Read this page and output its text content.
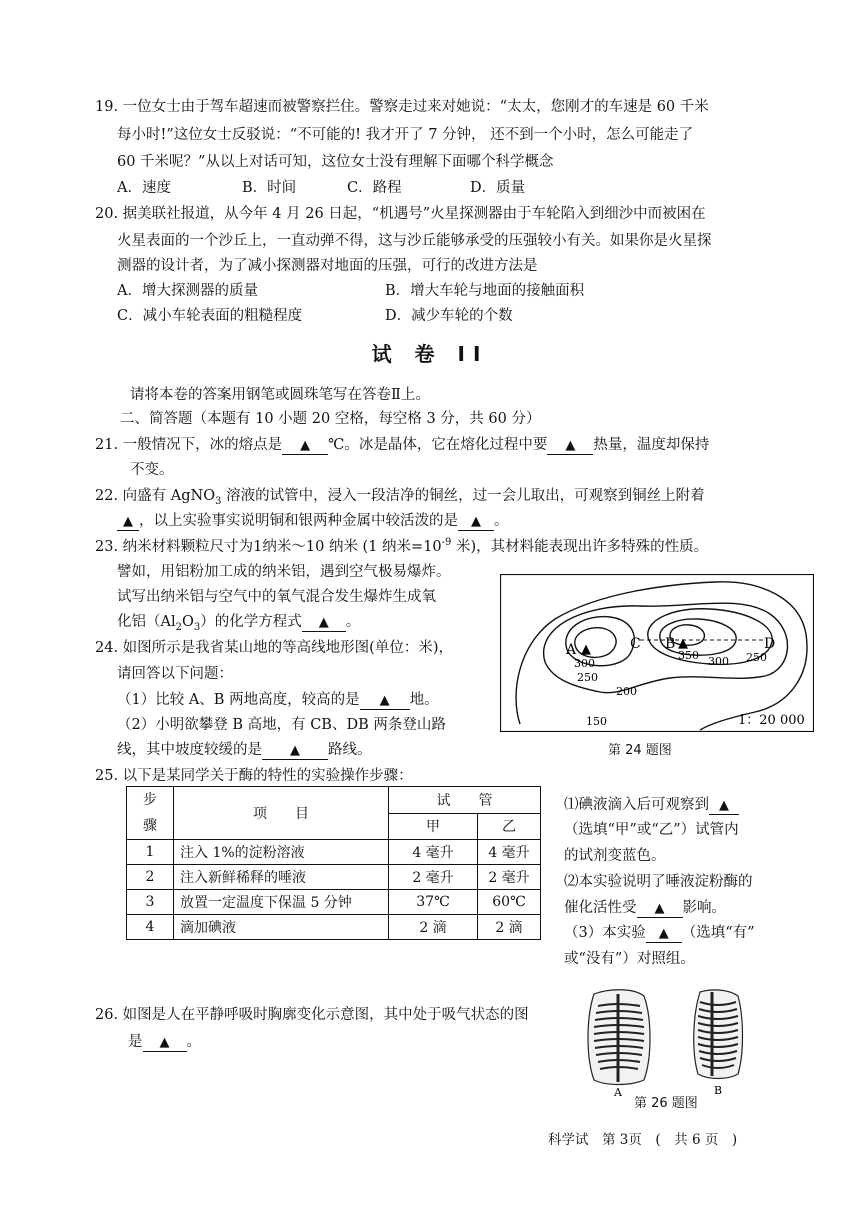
19. 一位女士由于驾车超速而被警察拦住。警察走过来对她说：“太太，您刚才的车速是 60 千米
每小时!”这位女士反驳说：“不可能的! 我才开了 7 分钟， 还不到一个小时，怎么可能走了
60 千米呢？”从以上对话可知，这位女士没有理解下面哪个科学概念
A．速度	B．时间	C．路程	D．质量
20. 据美联社报道，从今年 4 月 26 日起，“机遇号”火星探测器由于车轮陷入到细沙中而被困在
火星表面的一个沙丘上，一直动弹不得，这与沙丘能够承受的压强较小有关。如果你是火星探
测器的设计者，为了减小探测器对地面的压强，可行的改进方法是
A．增大探测器的质量	B．增大车轮与地面的接触面积
C．减小车轮表面的粗糙程度	D．减少车轮的个数
试 卷 II
请将本卷的答案用钢笔或圆珠笔写在答卷Ⅱ上。
二、简答题（本题有 10 小题 20 空格，每空格 3 分，共 60 分）
21. 一般情况下，冰的熔点是 ▲ ℃。冰是晶体，它在熔化过程中要 ▲ 热量，温度却保持
不变。
22. 向盛有 AgNO$_3$ 溶液的试管中，浸入一段洁净的铜丝，过一会儿取出，可观察到铜丝上附着
▲ ，以上实验事实说明铜和银两种金属中较活泼的是 ▲ 。
23. 纳米材料颗粒尺寸为1纳米～10 纳米 (1 纳米$=10^{-9}$ 米)，其材料能表现出许多特殊的性质。
譬如，用铝粉加工成的纳米铝，遇到空气极易爆炸。
试写出纳米铝与空气中的氧气混合发生爆炸生成氧
化铝$(Al_2O_3)$的化学方程式 ▲ 。
24. 如图所示是我省某山地的等高线地形图(单位：米)，
请回答以下问题：
（1）比较 A、B 两地高度，较高的是 ▲ 地。
（2）小明欲攀登 B 高地，有 CB、DB 两条登山路
线，其中坡度较缓的是 ▲ 路线。
A ▲	C B ▲	D
300
250
350 300 250
200
150	1：20 000
第 24 题图
25. 以下是某同学关于酶的特性的实验操作步骤：
步骤	项　　目	试　　管	
		甲	乙
1	注入 1%的淀粉溶液	4 毫升	4 毫升
2	注入新鲜稀释的唾液	2 毫升	2 毫升
3	放置一定温度下保温 5 分钟	37℃	60℃
4	滴加碘液	2 滴	2 滴
⑴碘液滴入后可观察到 ▲
（选填“甲”或“乙”）试管内
的试剂变蓝色。
⑵本实验说明了唾液淀粉酶的
催化活性受 ▲ 影响。
（3）本实验 ▲ （选填“有”
或“没有”）对照组。
26. 如图是人在平静呼吸时胸廓变化示意图，其中处于吸气状态的图
是 ▲ 。
A	B
第 26 题图
科学试　第 3页　(　共 6 页　)
